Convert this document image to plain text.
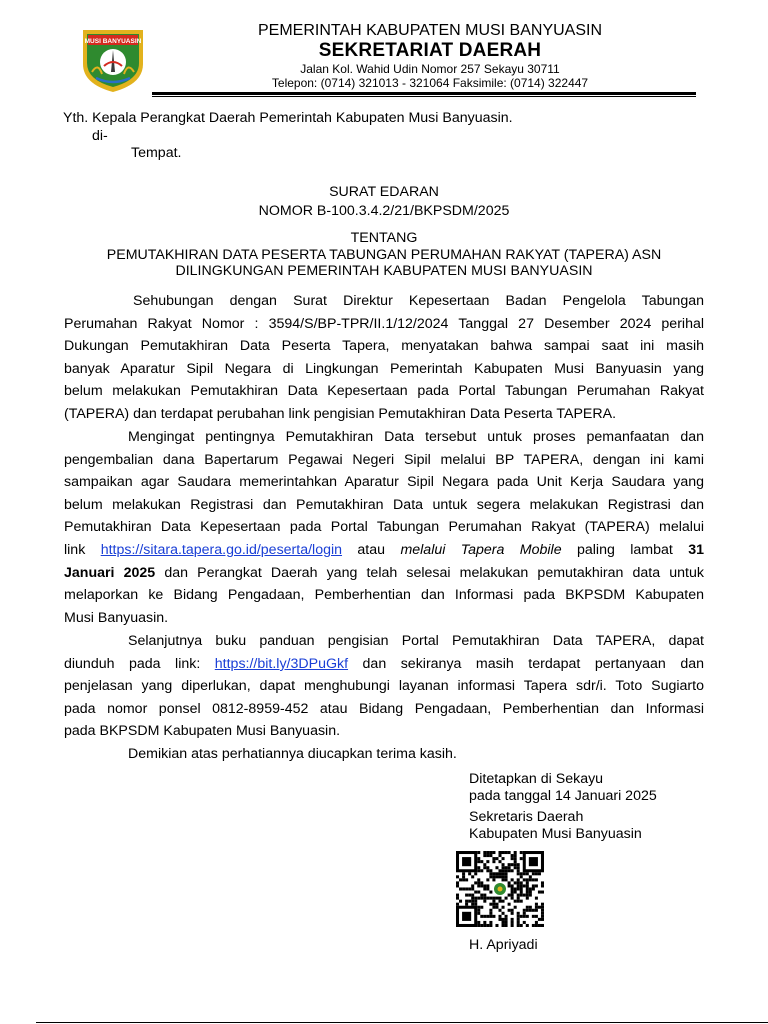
MUSI BANYUASIN
PEMERINTAH KABUPATEN MUSI BANYUASIN
SEKRETARIAT DAERAH
Jalan Kol. Wahid Udin Nomor 257 Sekayu 30711
Telepon: (0714) 321013 - 321064 Faksimile: (0714) 322447
Yth. Kepala Perangkat Daerah Pemerintah Kabupaten Musi Banyuasin.
di-
Tempat.
SURAT EDARAN
NOMOR B-100.3.4.2/21/BKPSDM/2025
TENTANG
PEMUTAKHIRAN DATA PESERTA TABUNGAN PERUMAHAN RAKYAT (TAPERA) ASN
DILINGKUNGAN PEMERINTAH KABUPATEN MUSI BANYUASIN
Sehubungan dengan Surat Direktur Kepesertaan Badan Pengelola Tabungan
Perumahan Rakyat Nomor : 3594/S/BP-TPR/II.1/12/2024 Tanggal 27 Desember 2024 perihal
Dukungan Pemutakhiran Data Peserta Tapera, menyatakan bahwa sampai saat ini masih
banyak Aparatur Sipil Negara di Lingkungan Pemerintah Kabupaten Musi Banyuasin yang
belum melakukan Pemutakhiran Data Kepesertaan pada Portal Tabungan Perumahan Rakyat
(TAPERA) dan terdapat perubahan link pengisian Pemutakhiran Data Peserta TAPERA.
Mengingat pentingnya Pemutakhiran Data tersebut untuk proses pemanfaatan dan
pengembalian dana Bapertarum Pegawai Negeri Sipil melalui BP TAPERA, dengan ini kami
sampaikan agar Saudara memerintahkan Aparatur Sipil Negara pada Unit Kerja Saudara yang
belum melakukan Registrasi dan Pemutakhiran Data untuk segera melakukan Registrasi dan
Pemutakhiran Data Kepesertaan pada Portal Tabungan Perumahan Rakyat (TAPERA) melalui
link https://sitara.tapera.go.id/peserta/login atau melalui Tapera Mobile paling lambat 31
Januari 2025 dan Perangkat Daerah yang telah selesai melakukan pemutakhiran data untuk
melaporkan ke Bidang Pengadaan, Pemberhentian dan Informasi pada BKPSDM Kabupaten
Musi Banyuasin.
Selanjutnya buku panduan pengisian Portal Pemutakhiran Data TAPERA, dapat
diunduh pada link: https://bit.ly/3DPuGkf dan sekiranya masih terdapat pertanyaan dan
penjelasan yang diperlukan, dapat menghubungi layanan informasi Tapera sdr/i. Toto Sugiarto
pada nomor ponsel 0812-8959-452 atau Bidang Pengadaan, Pemberhentian dan Informasi
pada BKPSDM Kabupaten Musi Banyuasin.
Demikian atas perhatiannya diucapkan terima kasih.
Ditetapkan di Sekayu
pada tanggal 14 Januari 2025
Sekretaris Daerah
Kabupaten Musi Banyuasin
H. Apriyadi
